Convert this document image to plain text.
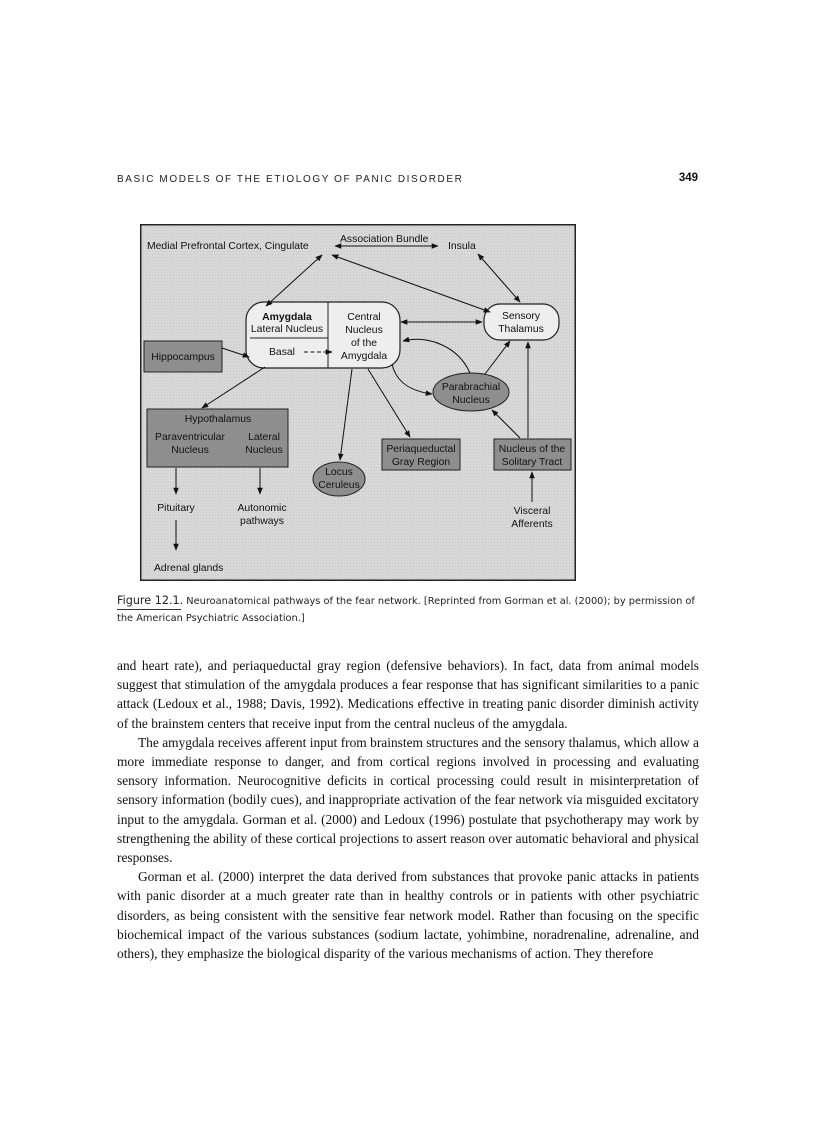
BASIC MODELS OF THE ETIOLOGY OF PANIC DISORDER	349
Medial Prefrontal Cortex, Cingulate
Association Bundle
Insula
Amygdala
Lateral Nucleus
Basal
Central
Nucleus
of the
Amygdala
Sensory
Thalamus
Hippocampus
Parabrachial
Nucleus
Hypothalamus
Paraventricular
Nucleus
Lateral
Nucleus	Periaqueductal
Gray Region
Nucleus of the
Solitary Tract
Locus
Ceruleus
Pituitary	Autonomic
pathways
Visceral
Afferents
Adrenal glands
Figure 12.1. Neuroanatomical pathways of the fear network. [Reprinted from Gorman et al. (2000); by permission of the American Psychiatric Association.]

and heart rate), and periaqueductal gray region (defensive behaviors). In fact, data from animal models suggest that stimulation of the amygdala produces a fear response that has significant similarities to a panic attack (Ledoux et al., 1988; Davis, 1992). Medications effective in treating panic disorder diminish activity of the brainstem centers that receive input from the central nucleus of the amygdala.

The amygdala receives afferent input from brainstem structures and the sensory thalamus, which allow a more immediate response to danger, and from cortical regions involved in processing and evaluating sensory information. Neurocognitive deficits in cortical processing could result in misinterpretation of sensory information (bodily cues), and inappropriate activation of the fear network via misguided excitatory input to the amygdala. Gorman et al. (2000) and Ledoux (1996) postulate that psychotherapy may work by strengthening the ability of these cortical projections to assert reason over automatic behavioral and physical responses.

Gorman et al. (2000) interpret the data derived from substances that provoke panic attacks in patients with panic disorder at a much greater rate than in healthy controls or in patients with other psychiatric disorders, as being consistent with the sensitive fear network model. Rather than focusing on the specific biochemical impact of the various substances (sodium lactate, yohimbine, noradrenaline, adrenaline, and others), they emphasize the biological disparity of the various mechanisms of action. They therefore
